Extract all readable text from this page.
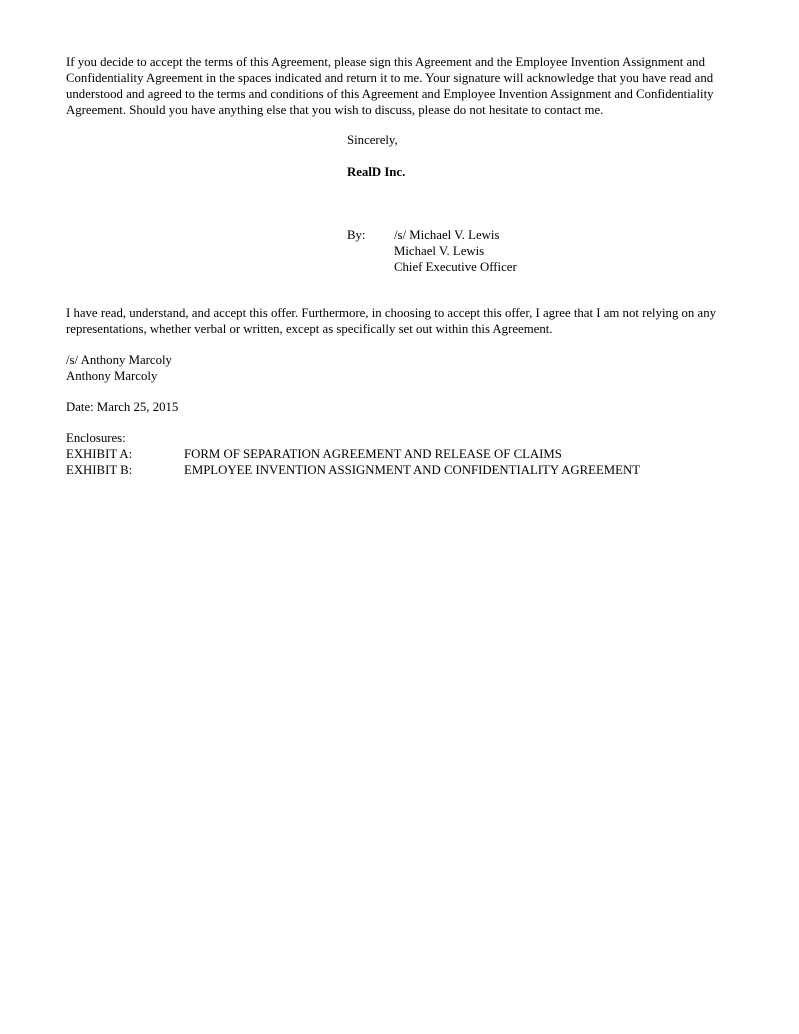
If you decide to accept the terms of this Agreement, please sign this Agreement and the Employee Invention Assignment and
Confidentiality Agreement in the spaces indicated and return it to me. Your signature will acknowledge that you have read and
understood and agreed to the terms and conditions of this Agreement and Employee Invention Assignment and Confidentiality
Agreement. Should you have anything else that you wish to discuss, please do not hesitate to contact me.
Sincerely,
RealD Inc.
By: /s/ Michael V. Lewis
Michael V. Lewis
Chief Executive Officer
I have read, understand, and accept this offer. Furthermore, in choosing to accept this offer, I agree that I am not relying on any
representations, whether verbal or written, except as specifically set out within this Agreement.
/s/ Anthony Marcoly
Anthony Marcoly
Date: March 25, 2015
Enclosures:
EXHIBIT A:	FORM OF SEPARATION AGREEMENT AND RELEASE OF CLAIMS
EXHIBIT B:	EMPLOYEE INVENTION ASSIGNMENT AND CONFIDENTIALITY AGREEMENT
